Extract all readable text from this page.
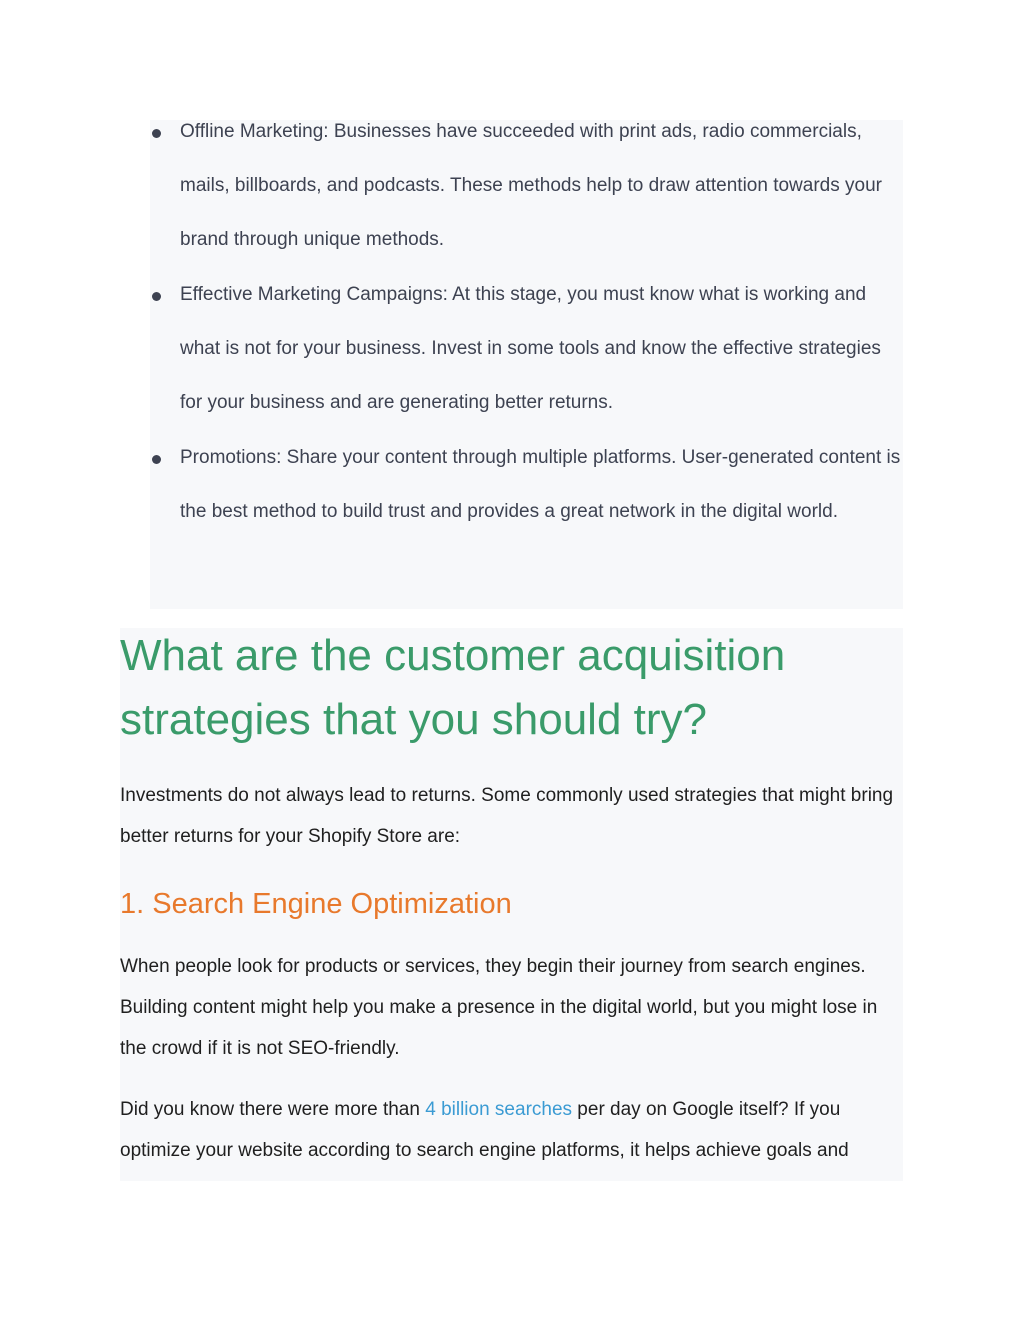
Offline Marketing: Businesses have succeeded with print ads, radio commercials, mails, billboards, and podcasts. These methods help to draw attention towards your brand through unique methods.
Effective Marketing Campaigns: At this stage, you must know what is working and what is not for your business. Invest in some tools and know the effective strategies for your business and are generating better returns.
Promotions: Share your content through multiple platforms. User-generated content is the best method to build trust and provides a great network in the digital world.
What are the customer acquisition strategies that you should try?

Investments do not always lead to returns. Some commonly used strategies that might bring better returns for your Shopify Store are:

1. Search Engine Optimization

When people look for products or services, they begin their journey from search engines. Building content might help you make a presence in the digital world, but you might lose in the crowd if it is not SEO-friendly.

Did you know there were more than 4 billion searches per day on Google itself? If you optimize your website according to search engine platforms, it helps achieve goals and
